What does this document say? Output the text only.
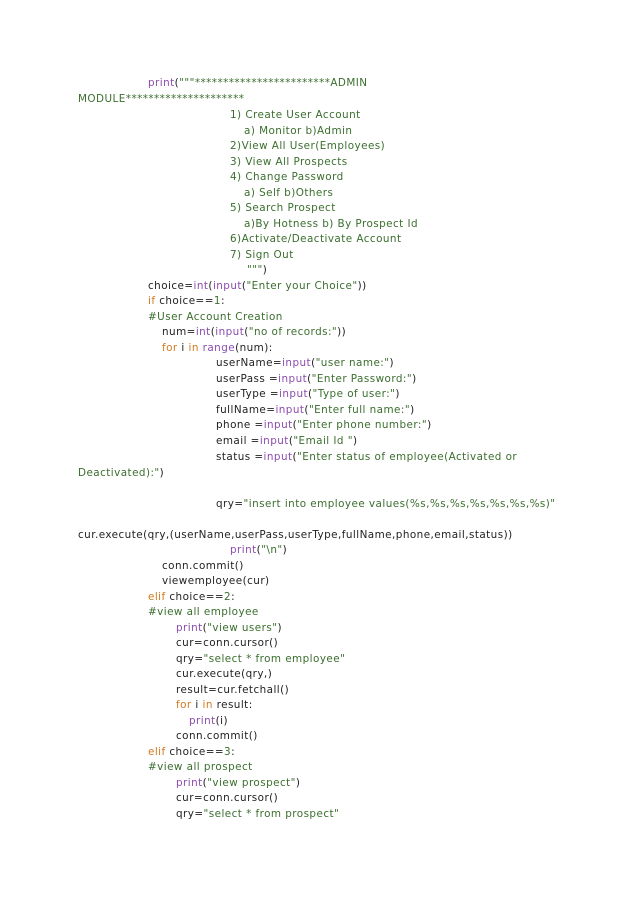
print("""************************ADMIN
MODULE*********************
1) Create User Account
a) Monitor b)Admin
2)View All User(Employees)
3) View All Prospects
4) Change Password
a) Self b)Others
5) Search Prospect
a)By Hotness b) By Prospect Id
6)Activate/Deactivate Account
7) Sign Out
""")
choice=int(input("Enter your Choice"))
if choice==1:
#User Account Creation
num=int(input("no of records:"))
for i in range(num):
userName=input("user name:")
userPass =input("Enter Password:")
userType =input("Type of user:")
fullName=input("Enter full name:")
phone =input("Enter phone number:")
email =input("Email Id ")
status =input("Enter status of employee(Activated or
Deactivated):")
qry="insert into employee values(%s,%s,%s,%s,%s,%s,%s)"
cur.execute(qry,(userName,userPass,userType,fullName,phone,email,status))
print("\n")
conn.commit()
viewemployee(cur)
elif choice==2:
#view all employee
print("view users")
cur=conn.cursor()
qry="select * from employee"
cur.execute(qry,)
result=cur.fetchall()
for i in result:
print(i)
conn.commit()
elif choice==3:
#view all prospect
print("view prospect")
cur=conn.cursor()
qry="select * from prospect"
